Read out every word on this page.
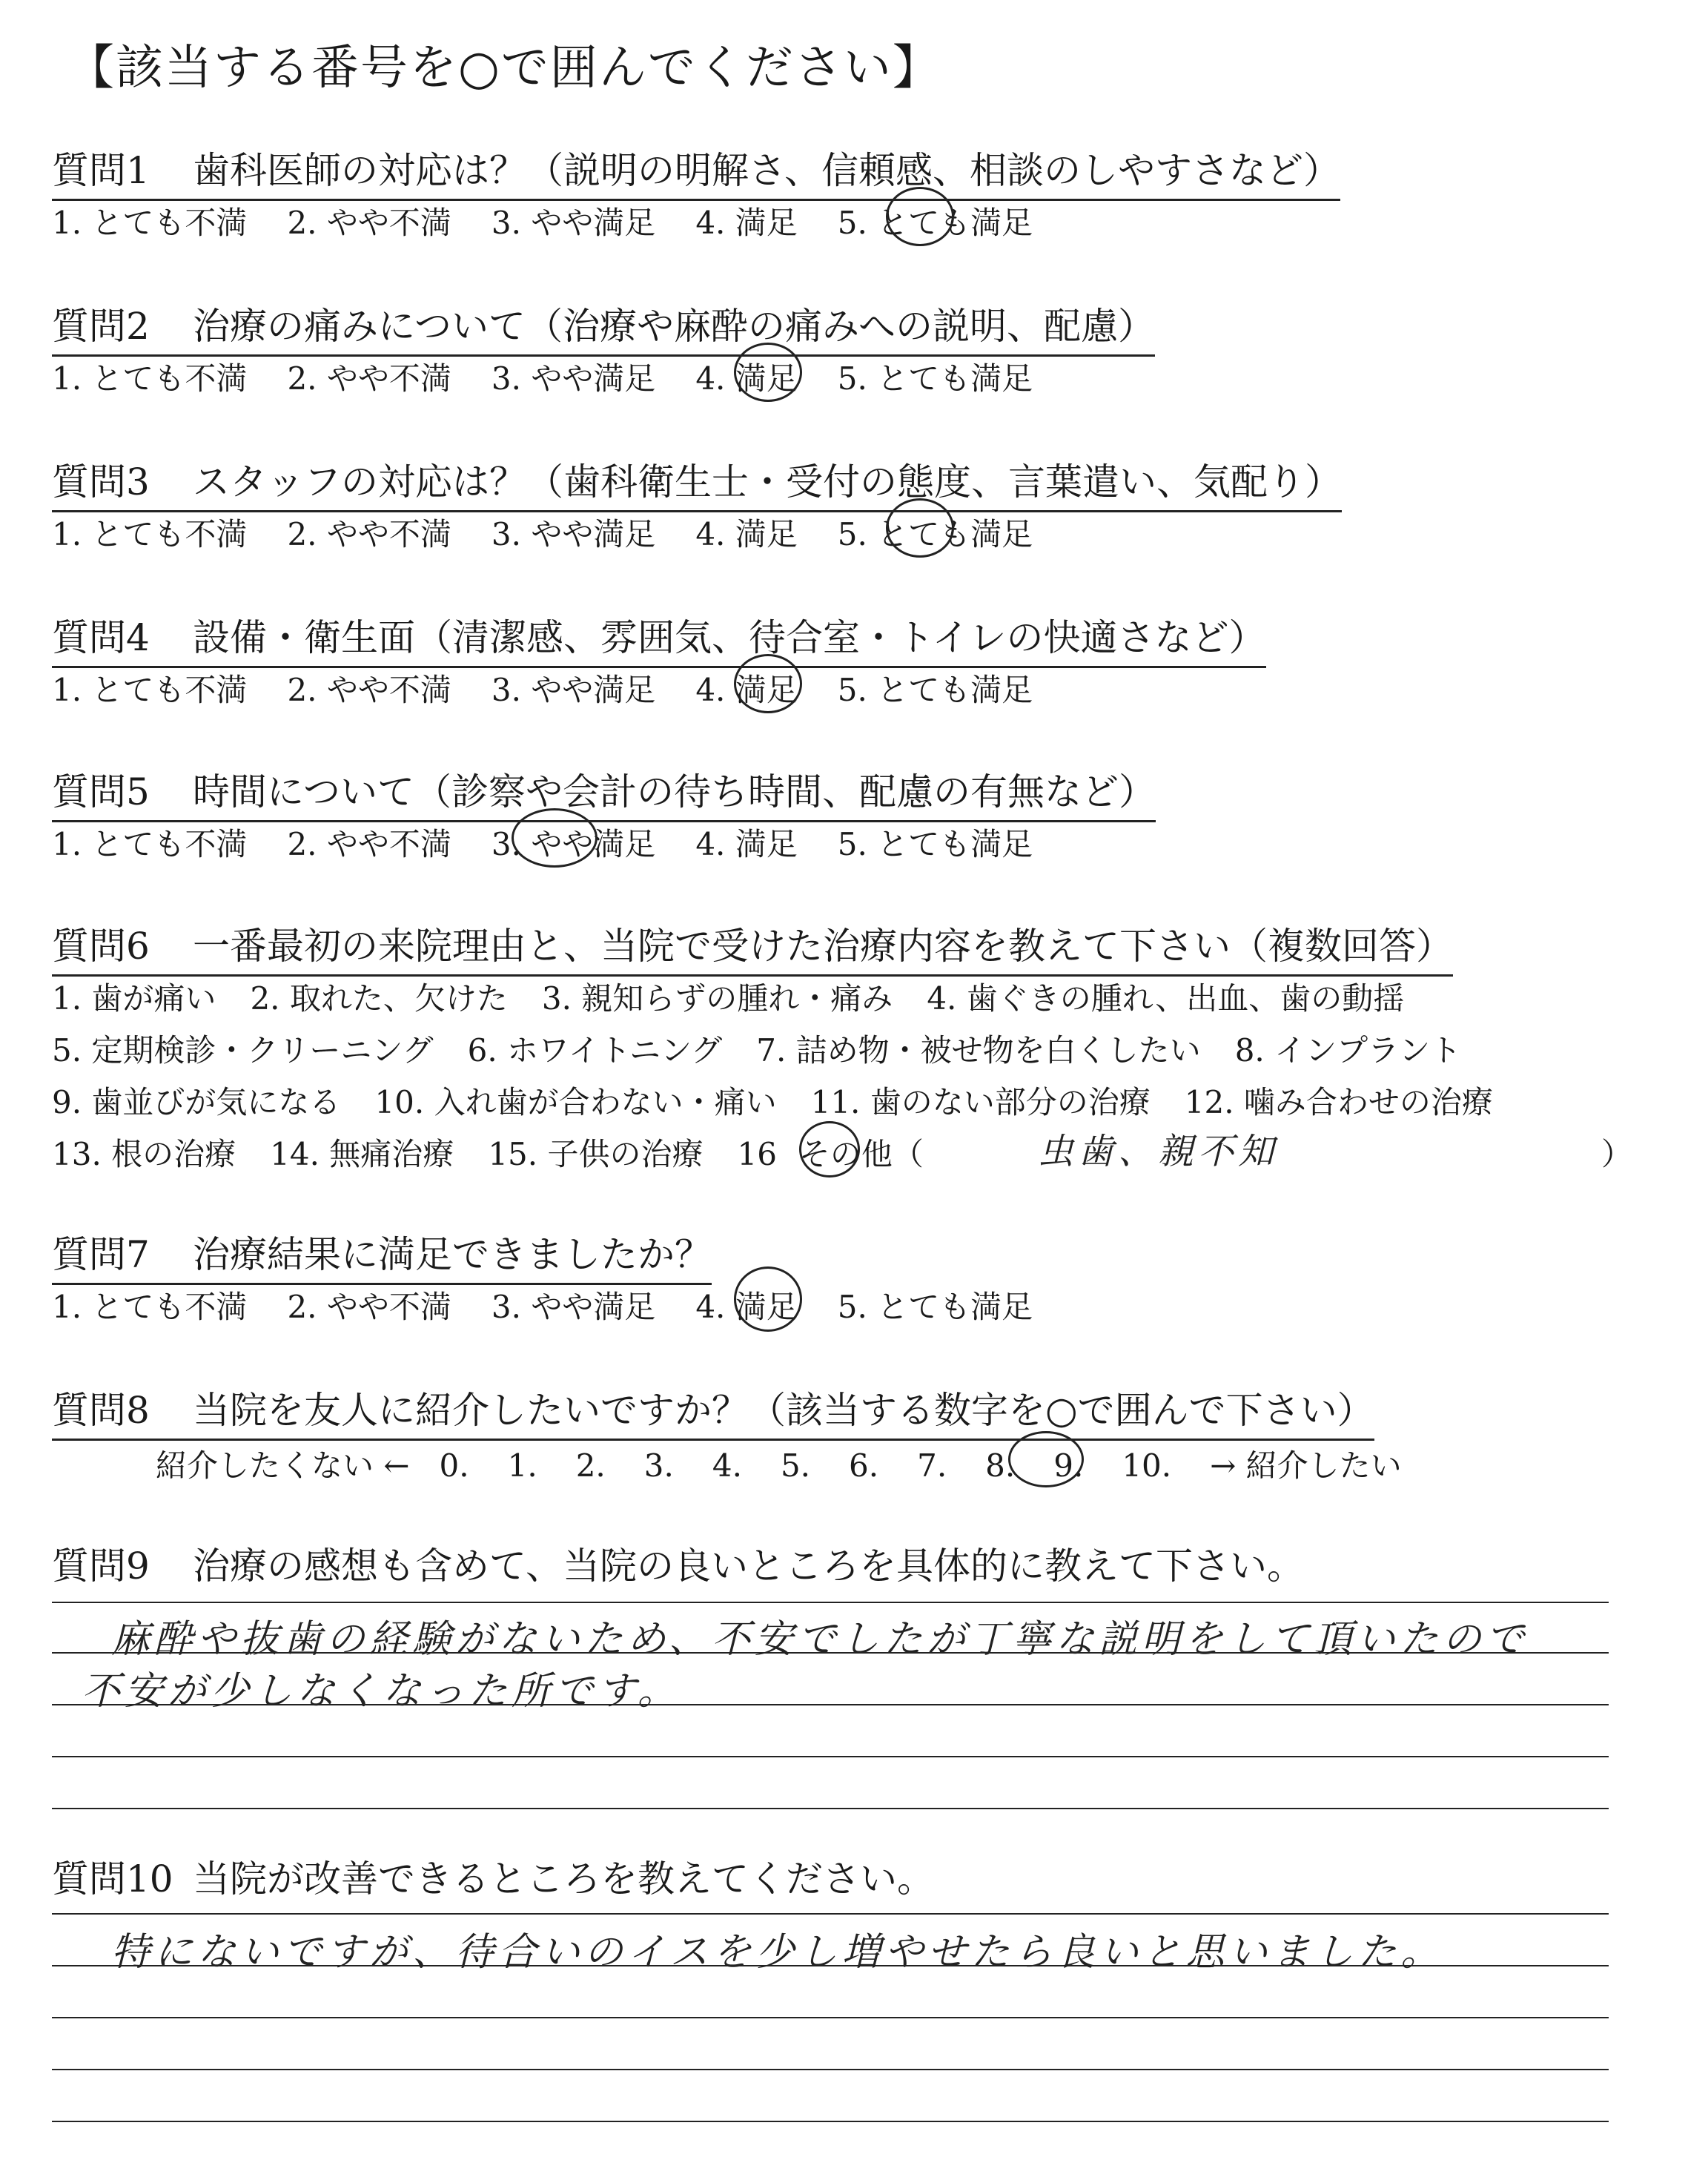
【該当する番号を○で囲んでください】
質問1 歯科医師の対応は？（説明の明解さ、信頼感、相談のしやすさなど）
1. とても不満 2. やや不満 3. やや満足 4. 満足 5. とても満足
質問2 治療の痛みについて（治療や麻酔の痛みへの説明、配慮）
1. とても不満 2. やや不満 3. やや満足 4. 満足 5. とても満足
質問3 スタッフの対応は？（歯科衛生士・受付の態度、言葉遣い、気配り）
1. とても不満 2. やや不満 3. やや満足 4. 満足 5. とても満足
質問4 設備・衛生面（清潔感、雰囲気、待合室・トイレの快適さなど）
1. とても不満 2. やや不満 3. やや満足 4. 満足 5. とても満足
質問5 時間について（診察や会計の待ち時間、配慮の有無など）
1. とても不満 2. やや不満 3. やや満足 4. 満足 5. とても満足
質問6 一番最初の来院理由と、当院で受けた治療内容を教えて下さい（複数回答）
1. 歯が痛い 2. 取れた、欠けた 3. 親知らずの腫れ・痛み 4. 歯ぐきの腫れ、出血、歯の動揺
5. 定期検診・クリーニング 6. ホワイトニング 7. 詰め物・被せ物を白くしたい 8. インプラント
9. 歯並びが気になる 10. 入れ歯が合わない・痛い 11. 歯のない部分の治療 12. 噛み合わせの治療
13. 根の治療 14. 無痛治療 15. 子供の治療 16 その他（	虫歯、親不知	）
質問7 治療結果に満足できましたか？
1. とても不満 2. やや不満 3. やや満足 4. 満足 5. とても満足
質問8 当院を友人に紹介したいですか？（該当する数字を○で囲んで下さい）
紹介したくない ← 0. 1. 2. 3. 4. 5. 6. 7. 8. 9. 10. → 紹介したい
質問9 治療の感想も含めて、当院の良いところを具体的に教えて下さい。
麻酔や抜歯の経験がないため、不安でしたが丁寧な説明をして頂いたので
不安が少しなくなった所です。
質問10 当院が改善できるところを教えてください。
特にないですが、待合いのイスを少し増やせたら良いと思いました。
